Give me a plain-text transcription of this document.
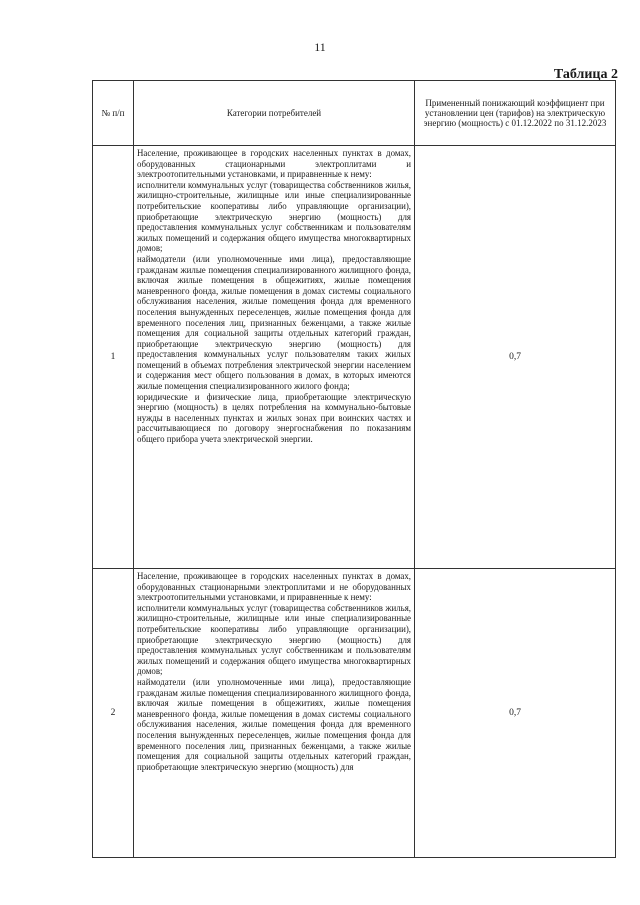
11
Таблица 2
№ п/п	Категории потребителей	Примененный понижающий коэффициент при установлении цен (тарифов) на электрическую энергию (мощность) с 01.12.2022 по 31.12.2023
1	Население, проживающее в городских населенных пунктах в домах, оборудованных стационарными электроплитами и электроотопительными установками, и приравненные к нему:

исполнители коммунальных услуг (товарищества собственников жилья, жилищно-строительные, жилищные или иные специализированные потребительские кооперативы либо управляющие организации), приобретающие электрическую энергию (мощность) для предоставления коммунальных услуг собственникам и пользователям жилых помещений и содержания общего имущества многоквартирных домов;

наймодатели (или уполномоченные ими лица), предоставляющие гражданам жилые помещения специализированного жилищного фонда, включая жилые помещения в общежитиях, жилые помещения маневренного фонда, жилые помещения в домах системы социального обслуживания населения, жилые помещения фонда для временного поселения вынужденных переселенцев, жилые помещения фонда для временного поселения лиц, признанных беженцами, а также жилые помещения для социальной защиты отдельных категорий граждан, приобретающие электрическую энергию (мощность) для предоставления коммунальных услуг пользователям таких жилых помещений в объемах потребления электрической энергии населением и содержания мест общего пользования в домах, в которых имеются жилые помещения специализированного жилого фонда;

юридические и физические лица, приобретающие электрическую энергию (мощность) в целях потребления на коммунально-бытовые нужды в населенных пунктах и жилых зонах при воинских частях и рассчитывающиеся по договору энергоснабжения по показаниям общего прибора учета электрической энергии.	0,7
2	Население, проживающее в городских населенных пунктах в домах, оборудованных стационарными электроплитами и не оборудованных электроотопительными установками, и приравненные к нему:

исполнители коммунальных услуг (товарищества собственников жилья, жилищно-строительные, жилищные или иные специализированные потребительские кооперативы либо управляющие организации), приобретающие электрическую энергию (мощность) для предоставления коммунальных услуг собственникам и пользователям жилых помещений и содержания общего имущества многоквартирных домов;

наймодатели (или уполномоченные ими лица), предоставляющие гражданам жилые помещения специализированного жилищного фонда, включая жилые помещения в общежитиях, жилые помещения маневренного фонда, жилые помещения в домах системы социального обслуживания населения, жилые помещения фонда для временного поселения вынужденных переселенцев, жилые помещения фонда для временного поселения лиц, признанных беженцами, а также жилые помещения для социальной защиты отдельных категорий граждан, приобретающие электрическую энергию (мощность) для	0,7
